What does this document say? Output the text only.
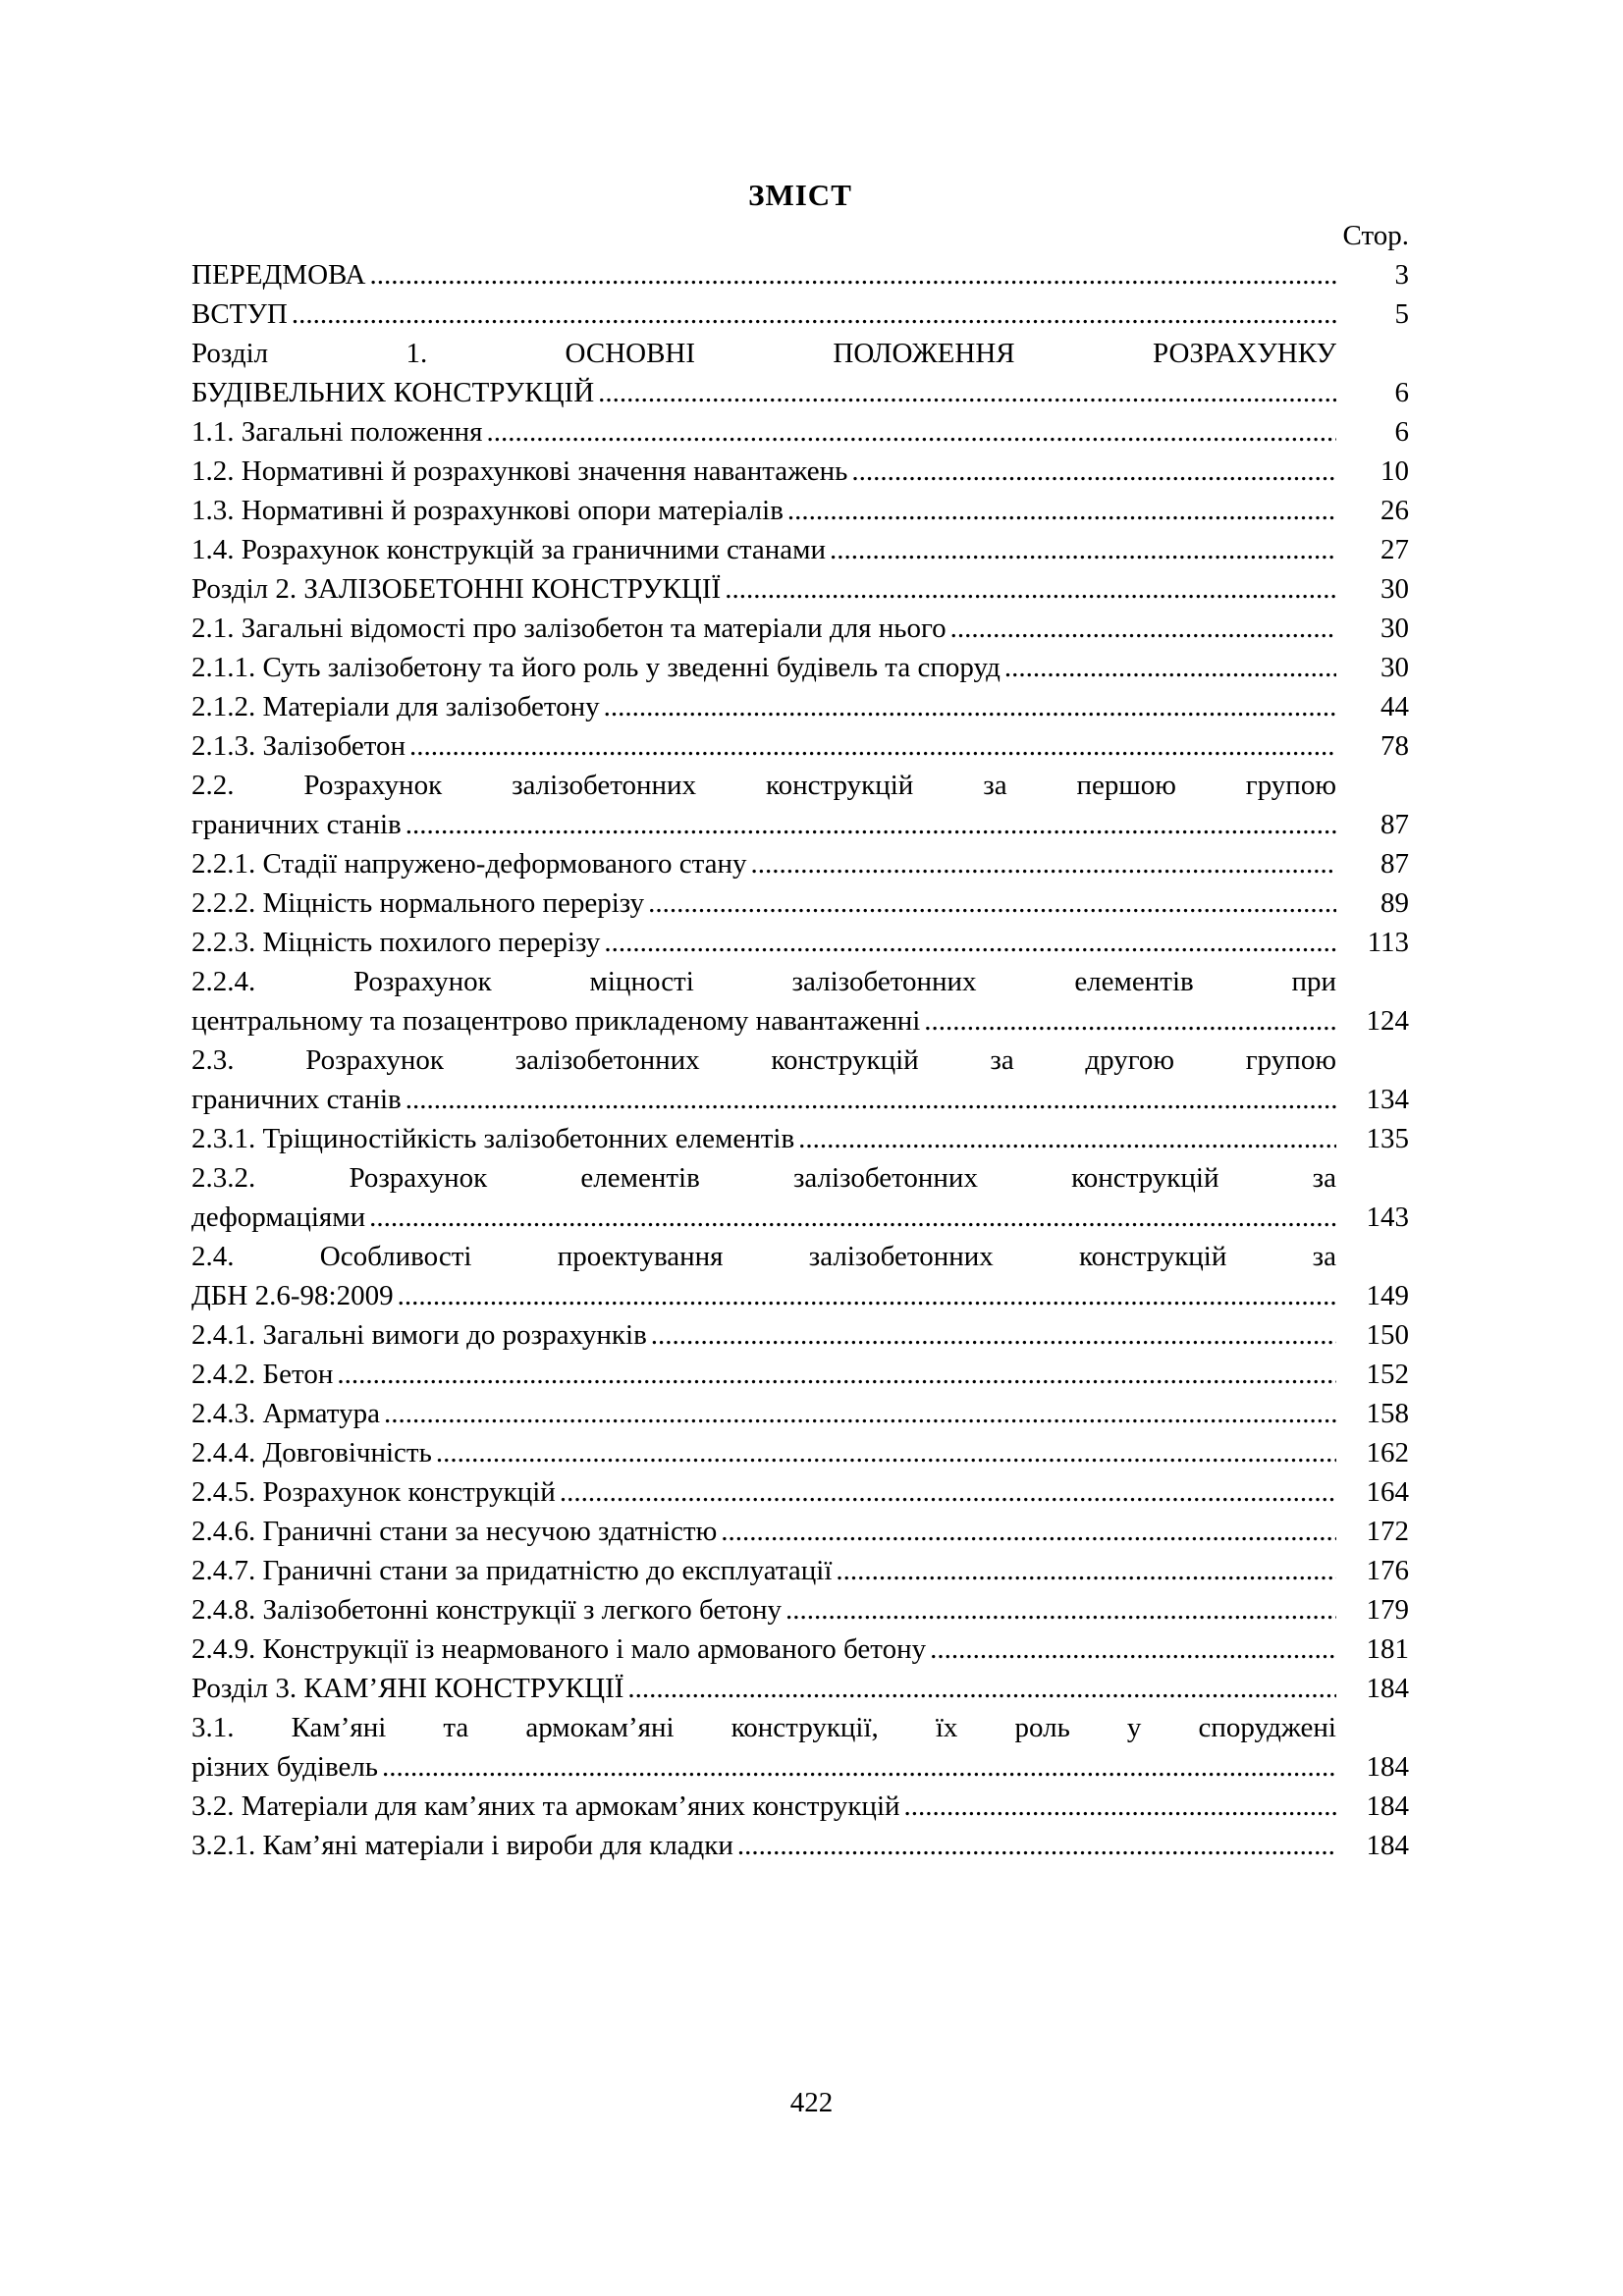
ЗМІСТ
Стор.
ПЕРЕДМОВА .....	3
ВСТУП .....	5
Розділ 1. ОСНОВНІ ПОЛОЖЕННЯ РОЗРАХУНКУ
БУДІВЕЛЬНИХ КОНСТРУКЦІЙ .....	6
1.1. Загальні положення .....	6
1.2. Нормативні й розрахункові значення навантажень .....	10
1.3. Нормативні й розрахункові опори матеріалів .....	26
1.4. Розрахунок конструкцій за граничними станами .....	27
Розділ 2. ЗАЛІЗОБЕТОННІ КОНСТРУКЦІЇ .....	30
2.1. Загальні відомості про залізобетон та матеріали для нього .....	30
2.1.1. Суть залізобетону та його роль у зведенні будівель та споруд .....	30
2.1.2. Матеріали для залізобетону .....	44
2.1.3. Залізобетон .....	78
2.2. Розрахунок залізобетонних конструкцій за першою групою
граничних станів .....	87
2.2.1. Стадії напружено-деформованого стану .....	87
2.2.2. Міцність нормального перерізу .....	89
2.2.3. Міцність похилого перерізу .....	113
2.2.4. Розрахунок міцності залізобетонних елементів при
центральному та позацентрово прикладеному навантаженні .....	124
2.3. Розрахунок залізобетонних конструкцій за другою групою
граничних станів .....	134
2.3.1. Тріщиностійкість залізобетонних елементів .....	135
2.3.2. Розрахунок елементів залізобетонних конструкцій за
деформаціями .....	143
2.4. Особливості проектування залізобетонних конструкцій за
ДБН 2.6-98:2009 .....	149
2.4.1. Загальні вимоги до розрахунків .....	150
2.4.2. Бетон .....	152
2.4.3. Арматура .....	158
2.4.4. Довговічність .....	162
2.4.5. Розрахунок конструкцій .....	164
2.4.6. Граничні стани за несучою здатністю .....	172
2.4.7. Граничні стани за придатністю до експлуатації .....	176
2.4.8. Залізобетонні конструкції з легкого бетону .....	179
2.4.9. Конструкції із неармованого і мало армованого бетону .....	181
Розділ 3. КАМ’ЯНІ КОНСТРУКЦІЇ .....	184
3.1. Кам’яні та армокам’яні конструкції, їх роль у споруджені
різних будівель .....	184
3.2. Матеріали для кам’яних та армокам’яних конструкцій .....	184
3.2.1. Кам’яні матеріали і вироби для кладки .....	184
422
